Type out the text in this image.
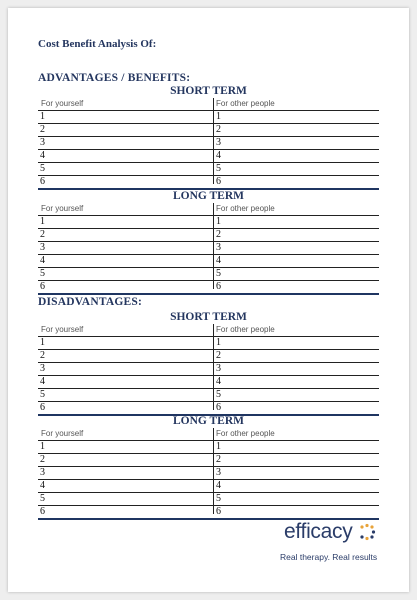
Cost Benefit Analysis Of:
ADVANTAGES / BENEFITS:
SHORT TERM
For yourself	For other people
1	1
2	2
3	3
4	4
5	5
6	6
LONG TERM
For yourself	For other people
1	1
2	2
3	3
4	4
5	5
6	6
DISADVANTAGES:
SHORT TERM
For yourself	For other people
1	1
2	2
3	3
4	4
5	5
6	6
LONG TERM
For yourself	For other people
1	1
2	2
3	3
4	4
5	5
6	6
efficacy
Real therapy. Real results
